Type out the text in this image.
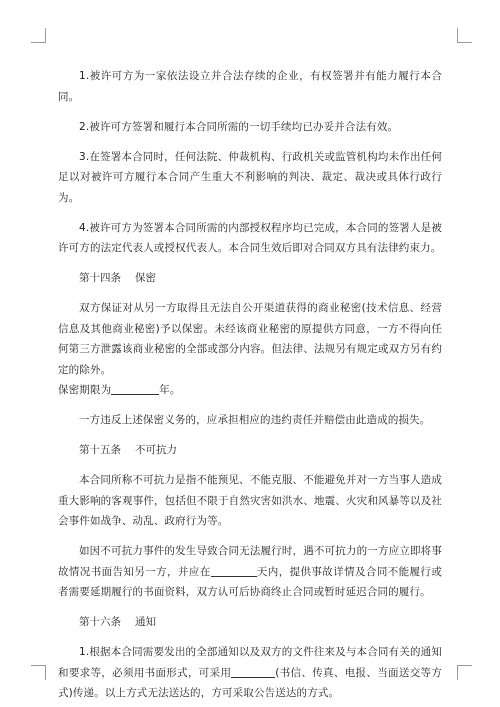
1.被许可方为一家依法设立并合法存续的企业，有权签署并有能力履行本合同。

2.被许可方签署和履行本合同所需的一切手续均已办妥并合法有效。

3.在签署本合同时，任何法院、仲裁机构、行政机关或监管机构均未作出任何足以对被许可方履行本合同产生重大不利影响的判决、裁定、裁决或具体行政行为。

4.被许可方为签署本合同所需的内部授权程序均已完成，本合同的签署人是被许可方的法定代表人或授权代表人。本合同生效后即对合同双方具有法律约束力。

第十四条 保密

双方保证对从另一方取得且无法自公开渠道获得的商业秘密(技术信息、经营信息及其他商业秘密)予以保密。未经该商业秘密的原提供方同意，一方不得向任何第三方泄露该商业秘密的全部或部分内容。但法律、法规另有规定或双方另有约定的除外。

保密期限为	年。

一方违反上述保密义务的，应承担相应的违约责任并赔偿由此造成的损失。

第十五条 不可抗力

本合同所称不可抗力是指不能预见、不能克服、不能避免并对一方当事人造成重大影响的客观事件，包括但不限于自然灾害如洪水、地震、火灾和风暴等以及社会事件如战争、动乱、政府行为等。

如因不可抗力事件的发生导致合同无法履行时，遇不可抗力的一方应立即将事故情况书面告知另一方，并应在	天内，提供事故详情及合同不能履行或者需要延期履行的书面资料，双方认可后协商终止合同或暂时延迟合同的履行。

第十六条 通知

1.根据本合同需要发出的全部通知以及双方的文件往来及与本合同有关的通知和要求等，必须用书面形式，可采用	(书信、传真、电报、当面送交等方式)传递。以上方式无法送达的，方可采取公告送达的方式。
